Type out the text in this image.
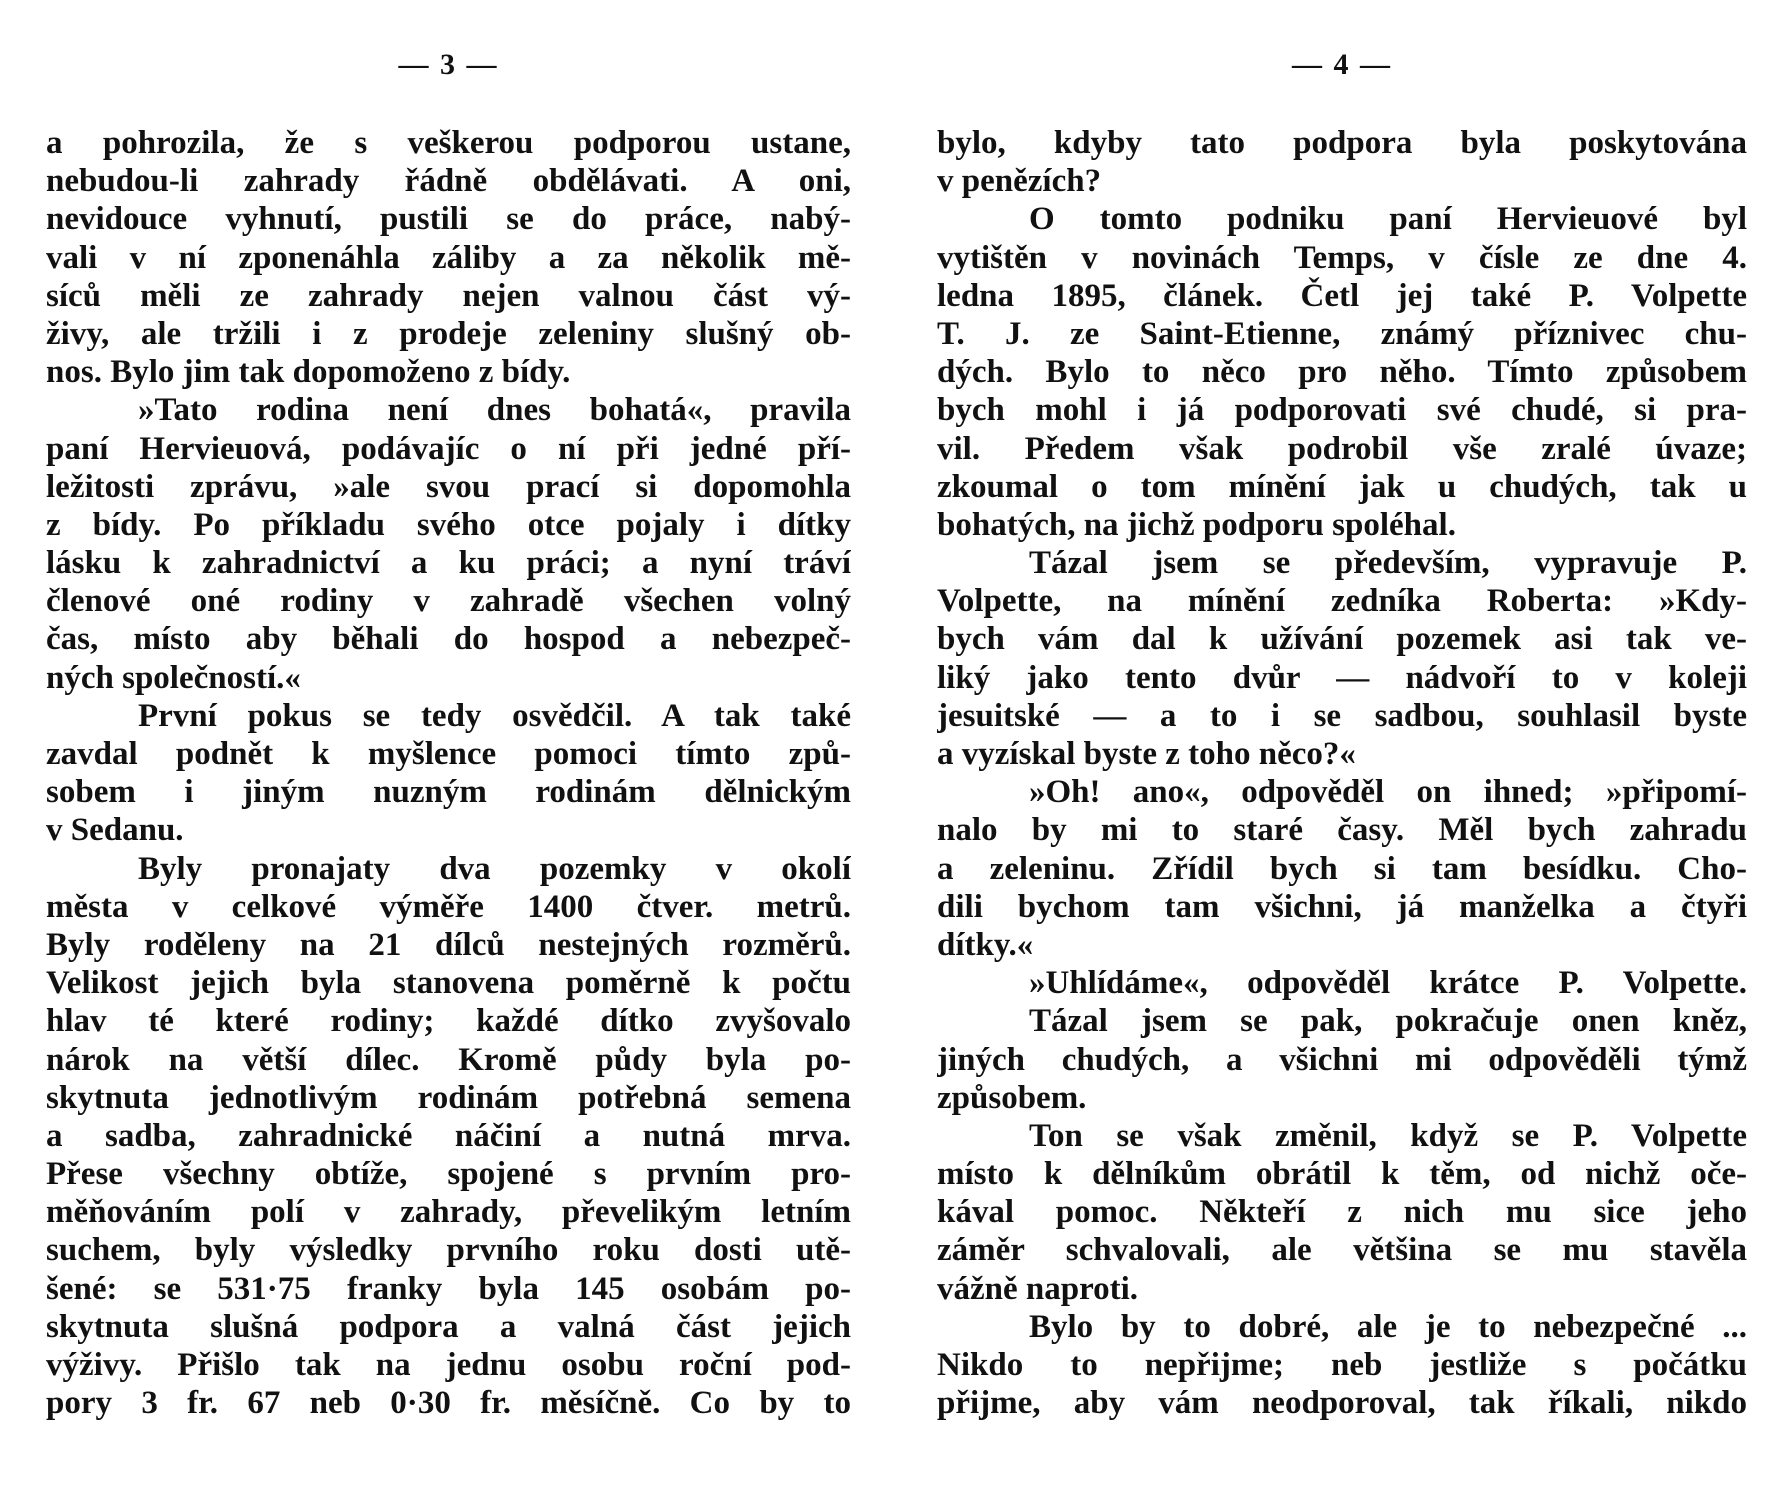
— 3 —
a pohrozila, že s veškerou podporou ustane,
nebudou-li zahrady řádně obdělávati. A oni,
nevidouce vyhnutí, pustili se do práce, nabý-
vali v ní zponenáhla záliby a za několik mě-
síců měli ze zahrady nejen valnou část vý-
živy, ale tržili i z prodeje zeleniny slušný ob-
nos. Bylo jim tak dopomoženo z bídy.
»Tato rodina není dnes bohatá«, pravila
paní Hervieuová, podávajíc o ní při jedné pří-
ležitosti zprávu, »ale svou prací si dopomohla
z bídy. Po příkladu svého otce pojaly i dítky
lásku k zahradnictví a ku práci; a nyní tráví
členové oné rodiny v zahradě všechen volný
čas, místo aby běhali do hospod a nebezpeč-
ných společností.«
První pokus se tedy osvědčil. A tak také
zavdal podnět k myšlence pomoci tímto způ-
sobem i jiným nuzným rodinám dělnickým
v Sedanu.
Byly pronajaty dva pozemky v okolí
města v celkové výměře 1400 čtver. metrů.
Byly roděleny na 21 dílců nestejných rozměrů.
Velikost jejich byla stanovena poměrně k počtu
hlav té které rodiny; každé dítko zvyšovalo
nárok na větší dílec. Kromě půdy byla po-
skytnuta jednotlivým rodinám potřebná semena
a sadba, zahradnické náčiní a nutná mrva.
Přese všechny obtíže, spojené s prvním pro-
měňováním polí v zahrady, převelikým letním
suchem, byly výsledky prvního roku dosti utě-
šené: se 531·75 franky byla 145 osobám po-
skytnuta slušná podpora a valná část jejich
výživy. Přišlo tak na jednu osobu roční pod-
pory 3 fr. 67 neb 0·30 fr. měsíčně. Co by to
— 4 —
bylo, kdyby tato podpora byla poskytována
v penězích?
O tomto podniku paní Hervieuové byl
vytištěn v novinách Temps, v čísle ze dne 4.
ledna 1895, článek. Četl jej také P. Volpette
T. J. ze Saint-Etienne, známý příznivec chu-
dých. Bylo to něco pro něho. Tímto způsobem
bych mohl i já podporovati své chudé, si pra-
vil. Předem však podrobil vše zralé úvaze;
zkoumal o tom mínění jak u chudých, tak u
bohatých, na jichž podporu spoléhal.
Tázal jsem se především, vypravuje P.
Volpette, na mínění zedníka Roberta: »Kdy-
bych vám dal k užívání pozemek asi tak ve-
liký jako tento dvůr — nádvoří to v koleji
jesuitské — a to i se sadbou, souhlasil byste
a vyzískal byste z toho něco?«
»Oh! ano«, odpověděl on ihned; »připomí-
nalo by mi to staré časy. Měl bych zahradu
a zeleninu. Zřídil bych si tam besídku. Cho-
dili bychom tam všichni, já manželka a čtyři
dítky.«
»Uhlídáme«, odpověděl krátce P. Volpette.
Tázal jsem se pak, pokračuje onen kněz,
jiných chudých, a všichni mi odpověděli týmž
způsobem.
Ton se však změnil, když se P. Volpette
místo k dělníkům obrátil k těm, od nichž oče-
kával pomoc. Někteří z nich mu sice jeho
záměr schvalovali, ale většina se mu stavěla
vážně naproti.
Bylo by to dobré, ale je to nebezpečné ...
Nikdo to nepřijme; neb jestliže s počátku
přijme, aby vám neodporoval, tak říkali, nikdo
